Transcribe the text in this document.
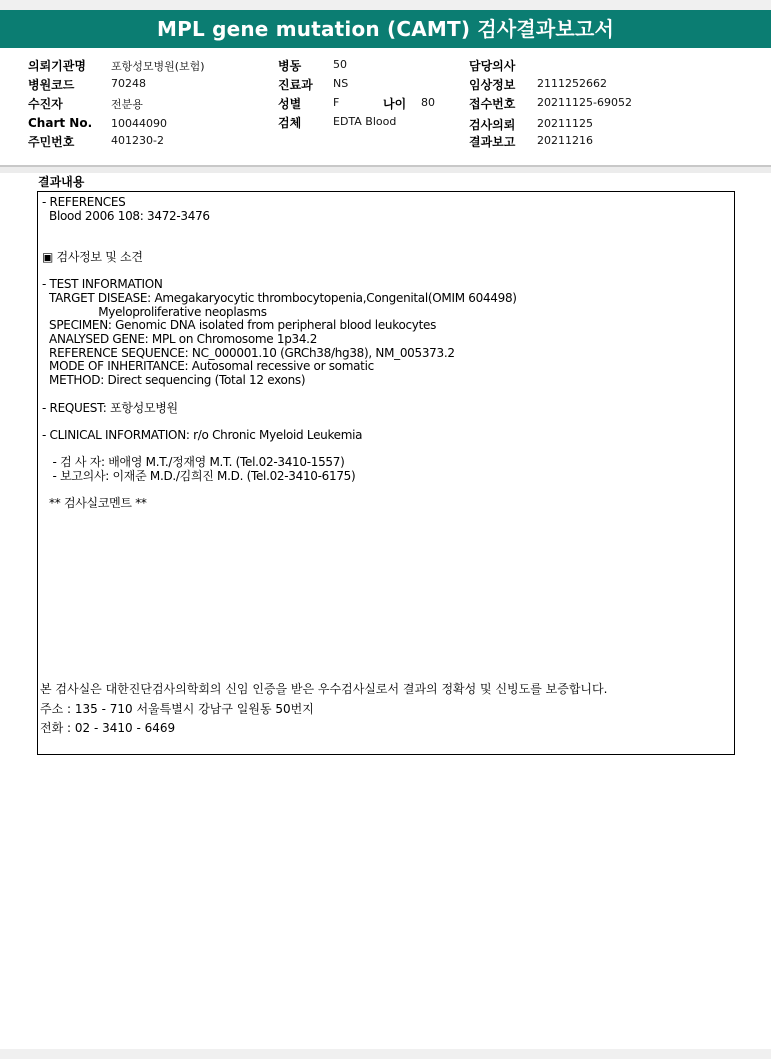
MPL gene mutation (CAMT) 검사결과보고서
의뢰기관명 포항성모병원(보험)
병원코드	70248
수진자	전분용
Chart No. 10044090
주민번호	401230-2
병동	50
진료과 NS
성별	F	나이 80
검체	EDTA Blood
담당의사
임상정보 2111252662
접수번호 20211125-69052
검사의뢰 20211125
결과보고 20211216
결과내용
- REFERENCES
Blood 2006 108: 3472-3476

▣ 검사정보 및 소견

- TEST INFORMATION
TARGET DISEASE: Amegakaryocytic thrombocytopenia,Congenital(OMIM 604498)
Myeloproliferative neoplasms
SPECIMEN: Genomic DNA isolated from peripheral blood leukocytes
ANALYSED GENE: MPL on Chromosome 1p34.2
REFERENCE SEQUENCE: NC_000001.10 (GRCh38/hg38), NM_005373.2
MODE OF INHERITANCE: Autosomal recessive or somatic
METHOD: Direct sequencing (Total 12 exons)

- REQUEST: 포항성모병원

- CLINICAL INFORMATION: r/o Chronic Myeloid Leukemia

- 검 사 자: 배애영 M.T./정재영 M.T. (Tel.02-3410-1557)
- 보고의사: 이재준 M.D./김희진 M.D. (Tel.02-3410-6175)

** 검사실코멘트 **
본 검사실은 대한진단검사의학회의 신임 인증을 받은 우수검사실로서 결과의 정확성 및 신빙도를 보증합니다.
주소 : 135 - 710 서울특별시 강남구 일원동 50번지
전화 : 02 - 3410 - 6469
